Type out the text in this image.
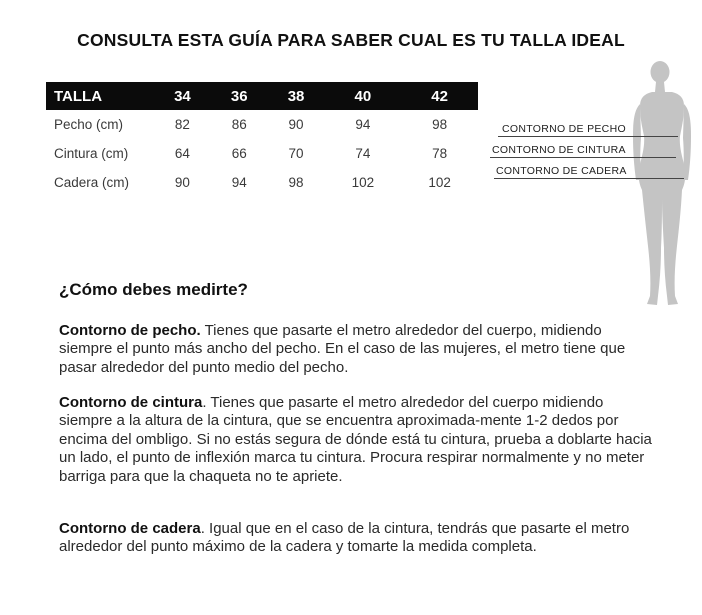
CONSULTA ESTA GUÍA PARA SABER CUAL ES TU TALLA IDEAL
TALLA	34	36	38	40	42
Pecho (cm)	82	86	90	94	98
Cintura (cm)	64	66	70	74	78
Cadera (cm)	90	94	98	102	102
CONTORNO DE PECHO
CONTORNO DE CINTURA
CONTORNO DE CADERA
¿Cómo debes medirte?

Contorno de pecho. Tienes que pasarte el metro alrededor del cuerpo, midiendo siempre el punto más ancho del pecho. En el caso de las mujeres, el metro tiene que pasar alrededor del punto medio del pecho.

Contorno de cintura. Tienes que pasarte el metro alrededor del cuerpo midiendo siempre a la altura de la cintura, que se encuentra aproximada-mente 1-2 dedos por encima del ombligo. Si no estás segura de dónde está tu cintura, prueba a doblarte hacia un lado, el punto de inflexión marca tu cintura. Procura respirar normalmente y no meter barriga para que la chaqueta no te apriete.

Contorno de cadera. Igual que en el caso de la cintura, tendrás que pasarte el metro alrededor del punto máximo de la cadera y tomarte la medida completa.
